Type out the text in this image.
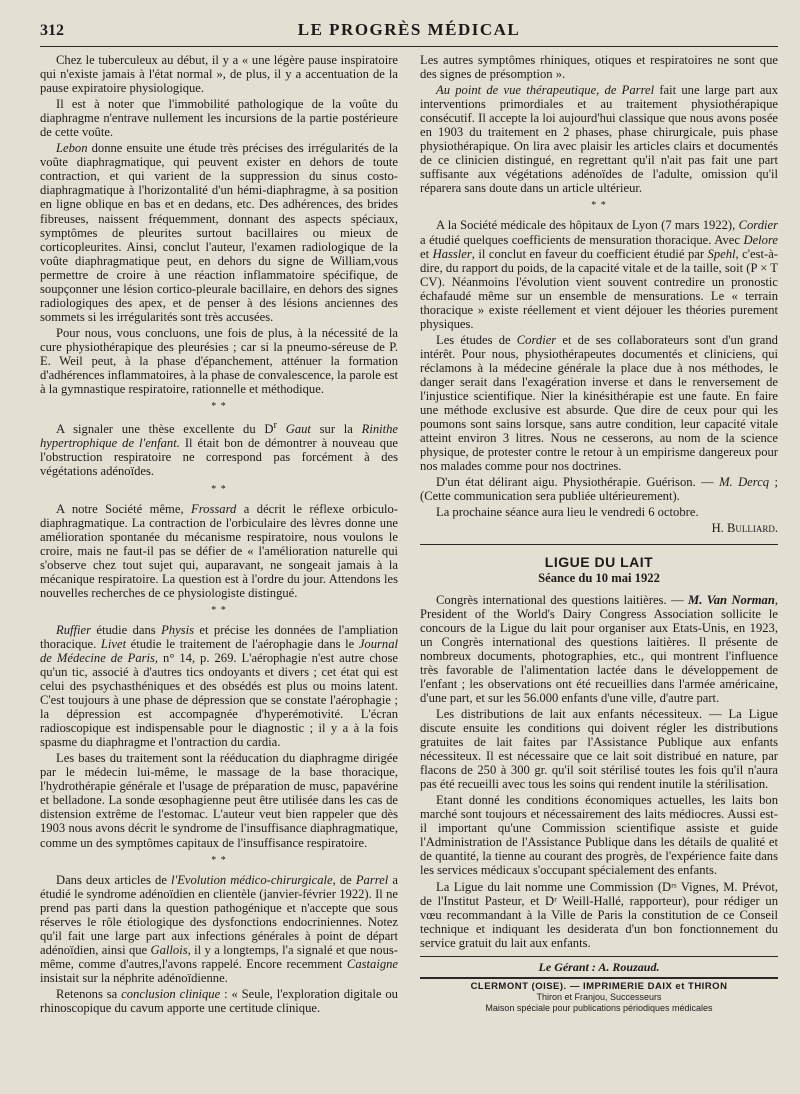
312	LE PROGRÈS MÉDICAL

Chez le tuberculeux au début, il y a « une légère pause inspiratoire qui n'existe jamais à l'état normal », de plus, il y a accentuation de la pause expiratoire physiologique.

Il est à noter que l'immobilité pathologique de la voûte du diaphragme n'entrave nullement les incursions de la partie postérieure de cette voûte.

Lebon donne ensuite une étude très précises des irrégularités de la voûte diaphragmatique, qui peuvent exister en dehors de toute contraction, et qui varient de la suppression du sinus costo-diaphragmatique à l'horizontalité d'un hémi-diaphragme, à sa position en ligne oblique en bas et en dedans, etc. Des adhérences, des brides fibreuses, naissent fréquemment, donnant des aspects spéciaux, symptômes de pleurites surtout bacillaires ou mieux de corticopleurites. Ainsi, conclut l'auteur, l'examen radiologique de la voûte diaphragmatique peut, en dehors du signe de William,vous permettre de croire à une réaction inflammatoire spécifique, de soupçonner une lésion cortico-pleurale bacillaire, en dehors des signes radiologiques des apex, et de penser à des lésions anciennes des sommets si les irrégularités sont très accusées.

Pour nous, vous concluons, une fois de plus, à la nécessité de la cure physiothérapique des pleurésies ; car si la pneumo-séreuse de P. E. Weil peut, à la phase d'épanchement, atténuer la formation d'adhérences inflammatoires, à la phase de convalescence, la parole est à la gymnastique respiratoire, rationnelle et méthodique.

* *

A signaler une thèse excellente du $D^r$ Gaut sur la Rinithe hypertrophique de l'enfant. Il était bon de démontrer à nouveau que l'obstruction respiratoire ne correspond pas forcément à des végétations adénoïdes.

* *

A notre Société même, Frossard a décrit le réflexe orbiculo-diaphragmatique. La contraction de l'orbiculaire des lèvres donne une amélioration spontanée du mécanisme respiratoire, nous voulons le croire, mais ne faut-il pas se défier de « l'amélioration naturelle qui s'observe chez tout sujet qui, auparavant, ne songeait jamais à la mécanique respiratoire. La question est à l'ordre du jour. Attendons les nouvelles recherches de ce physiologiste distingué.

* *

Ruffier étudie dans Physis et précise les données de l'ampliation thoracique. Livet étudie le traitement de l'aérophagie dans le Journal de Médecine de Paris, n° 14, p. 269. L'aérophagie n'est autre chose qu'un tic, associé à d'autres tics ondoyants et divers ; cet état qui est celui des psychasthéniques et des obsédés est plus ou moins latent. C'est toujours à une phase de dépression que se constate l'aérophagie ; la dépression est accompagnée d'hyperémotivité. L'écran radioscopique est indispensable pour le diagnostic ; il y a à la fois spasme du diaphragme et l'ontraction du cardia.

Les bases du traitement sont la rééducation du diaphragme dirigée par le médecin lui-même, le massage de la base thoracique, l'hydrothérapie générale et l'usage de préparation de musc, papavérine et belladone. La sonde œsophagienne peut être utilisée dans les cas de distension extrême de l'estomac. L'auteur veut bien rappeler que dès 1903 nous avons décrit le syndrome de l'insuffisance diaphragmatique, comme un des symptômes capitaux de l'insuffisance respiratoire.

* *

Dans deux articles de l'Evolution médico-chirurgicale, de Parrel a étudié le syndrome adénoïdien en clientèle (janvier-février 1922). Il ne prend pas parti dans la question pathogénique et n'accepte que sous réserves le rôle étiologique des dysfonctions endocriniennes. Notez qu'il fait une large part aux infections générales à point de départ adénoïdien, ainsi que Gallois, il y a longtemps, l'a signalé et que nous-même, comme d'autres,l'avons rappelé. Encore recemment Castaigne insistait sur la néphrite adénoïdienne.

Retenons sa conclusion clinique : « Seule, l'exploration digitale ou rhinoscopique du cavum apporte une certitude clinique.

Les autres symptômes rhiniques, otiques et respiratoires ne sont que des signes de présomption ».

Au point de vue thérapeutique, de Parrel fait une large part aux interventions primordiales et au traitement physiothérapique consécutif. Il accepte la loi aujourd'hui classique que nous avons posée en 1903 du traitement en 2 phases, phase chirurgicale, puis phase physiothérapique. On lira avec plaisir les articles clairs et documentés de ce clinicien distingué, en regrettant qu'il n'ait pas fait une part suffisante aux végétations adénoïdes de l'adulte, omission qu'il réparera sans doute dans un article ultérieur.

* *

A la Société médicale des hôpitaux de Lyon (7 mars 1922), Cordier a étudié quelques coefficients de mensuration thoracique. Avec Delore et Hassler, il conclut en faveur du coefficient étudié par Spehl, c'est-à-dire, du rapport du poids, de la capacité vitale et de la taille, soit (P × T CV). Néanmoins l'évolution vient souvent contredire un pronostic échafaudé même sur un ensemble de mensurations. Le « terrain thoracique » existe réellement et vient déjouer les théories purement physiques.

Les études de Cordier et de ses collaborateurs sont d'un grand intérêt. Pour nous, physiothérapeutes documentés et cliniciens, qui réclamons à la médecine générale la place due à nos méthodes, le danger serait dans l'exagération inverse et dans le renversement de l'injustice scientifique. Nier la kinésithérapie est une faute. En faire une méthode exclusive est absurde. Que dire de ceux pour qui les poumons sont sains lorsque, sans autre condition, leur capacité vitale atteint environ 3 litres. Nous ne cesserons, au nom de la science physique, de protester contre le retour à un empirisme dangereux pour nos malades comme pour nos doctrines.

D'un état délirant aigu. Physiothérapie. Guérison. — M. Dercq ; (Cette communication sera publiée ultérieurement).

La prochaine séance aura lieu le vendredi 6 octobre.

H. Bulliard.
LIGUE DU LAIT
Séance du 10 mai 1922

Congrès international des questions laitières. — M. Van Norman, President of the World's Dairy Congress Association sollicite le concours de la Ligue du lait pour organiser aux Etats-Unis, en 1923, un Congrès international des questions laitières. Il présente de nombreux documents, photographies, etc., qui montrent l'influence très favorable de l'alimentation lactée dans le développement de l'enfant ; les observations ont été recueillies dans l'armée américaine, d'une part, et sur les 56.000 enfants d'une ville, d'autre part.

Les distributions de lait aux enfants nécessiteux. — La Ligue discute ensuite les conditions qui doivent régler les distributions gratuites de lait faites par l'Assistance Publique aux enfants nécessiteux. Il est nécessaire que ce lait soit distribué en nature, par flacons de 250 à 300 gr. qu'il soit stérilisé toutes les fois qu'il n'aura pas été recueilli avec tous les soins qui rendent inutile la stérilisation.

Etant donné les conditions économiques actuelles, les laits bon marché sont toujours et nécessairement des laits médiocres. Aussi est-il important qu'une Commission scientifique assiste et guide l'Administration de l'Assistance Publique dans les détails de qualité et de quantité, la tienne au courant des progrès, de l'expérience faite dans les services médicaux s'occupant spécialement des enfants.

La Ligue du lait nomme une Commission (Dʳˢ Vignes, M. Prévot, de l'Institut Pasteur, et Dʳ Weill-Hallé, rapporteur), pour rédiger un vœu recommandant à la Ville de Paris la constitution de ce Conseil technique et indiquant les desiderata d'un bon fonctionnement du service gratuit du lait aux enfants.

Le Gérant : A. Rouzaud.
CLERMONT (OISE). — IMPRIMERIE DAIX et THIRON
Thiron et Franjou, Successeurs
Maison spéciale pour publications périodiques médicales
